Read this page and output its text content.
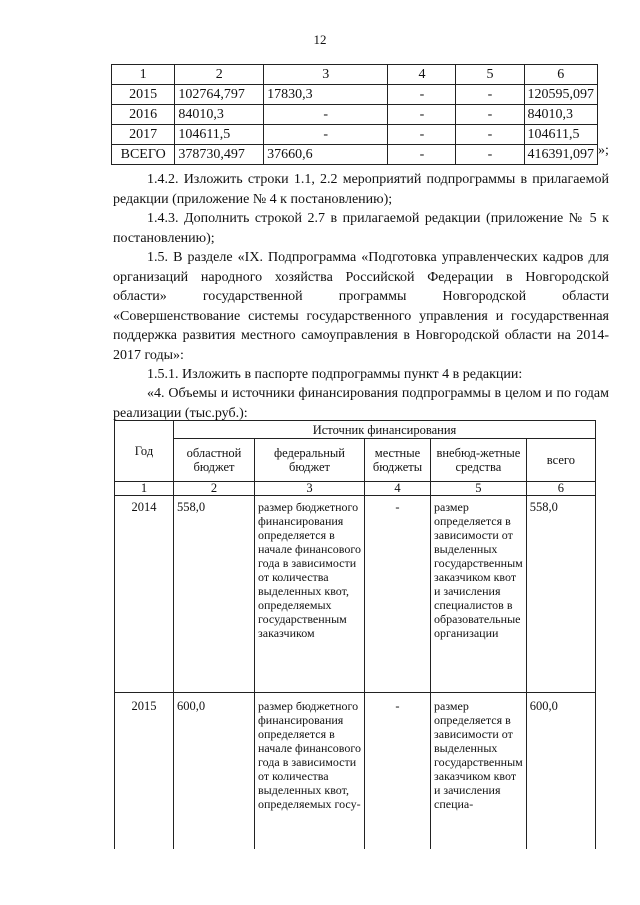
12
1	2	3	4	5	6
2015	102764,797	17830,3	-	-	120595,097
2016	84010,3	-	-	-	84010,3
2017	104611,5	-	-	-	104611,5
ВСЕГО	378730,497	37660,6	-	-	416391,097 »;
1.4.2. Изложить строки 1.1, 2.2 мероприятий подпрограммы в прилагаемой редакции (приложение № 4 к постановлению);
1.4.3. Дополнить строкой 2.7 в прилагаемой редакции (приложение № 5 к постановлению);
1.5. В разделе «IX. Подпрограмма «Подготовка управленческих кадров для организаций народного хозяйства Российской Федерации в Новгородской области» государственной программы Новгородской области «Совершенствование системы государственного управления и государственная поддержка развития местного самоуправления в Новгородской области на 2014-2017 годы»:
1.5.1. Изложить в паспорте подпрограммы пункт 4 в редакции:
«4. Объемы и источники финансирования подпрограммы в целом и по годам реализации (тыс.руб.):
Год	Источник финансирования				
	областной бюджет	федеральный бюджет	местные бюджеты	внебюд-жетные средства	всего
1	2	3	4	5	6
2014	558,0	размер бюджетного финансирования определяется в начале финансового года в зависимости от количества выделенных квот, определяемых государственным заказчиком	-	размер определяется в зависимости от выделенных государственным заказчиком квот и зачисления специалистов в образовательные организации	558,0
2015	600,0	размер бюджетного финансирования определяется в начале финансового года в зависимости от количества выделенных квот, определяемых госу-	-	размер определяется в зависимости от выделенных государственным заказчиком квот и зачисления специа-	600,0
